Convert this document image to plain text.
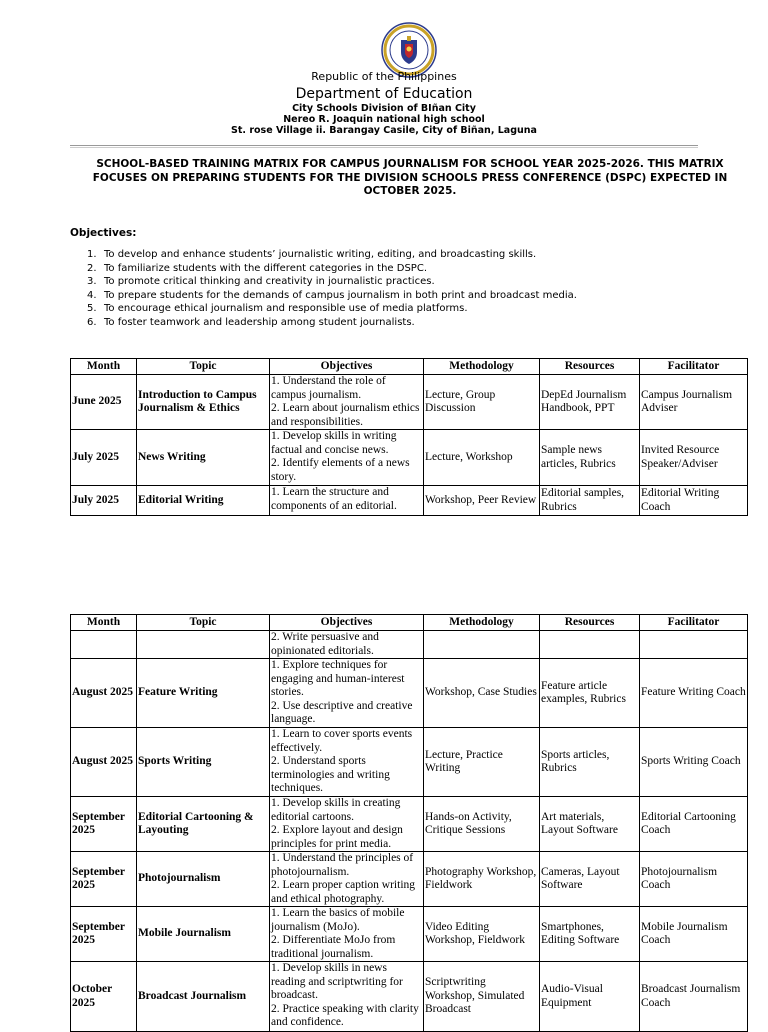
Republic of the Philippines
Department of Education
City Schools Division of BIñan City
Nereo R. Joaquin national high school
St. rose Village ii. Barangay Casile, City of Biñan, Laguna
SCHOOL-BASED TRAINING MATRIX FOR CAMPUS JOURNALISM FOR SCHOOL YEAR 2025-2026. THIS MATRIX FOCUSES ON PREPARING STUDENTS FOR THE DIVISION SCHOOLS PRESS CONFERENCE (DSPC) EXPECTED IN OCTOBER 2025.
Objectives:
1. To develop and enhance students’ journalistic writing, editing, and broadcasting skills.
2. To familiarize students with the different categories in the DSPC.
3. To promote critical thinking and creativity in journalistic practices.
4. To prepare students for the demands of campus journalism in both print and broadcast media.
5. To encourage ethical journalism and responsible use of media platforms.
6. To foster teamwork and leadership among student journalists.
Month	Topic	Objectives	Methodology	Resources	Facilitator
June 2025	Introduction to Campus Journalism & Ethics	1. Understand the role of campus journalism.
2. Learn about journalism ethics and responsibilities.	Lecture, Group Discussion	DepEd Journalism Handbook, PPT	Campus Journalism Adviser
July 2025	News Writing	1. Develop skills in writing factual and concise news.
2. Identify elements of a news story.	Lecture, Workshop	Sample news articles, Rubrics	Invited Resource Speaker/Adviser
July 2025	Editorial Writing	1. Learn the structure and components of an editorial.	Workshop, Peer Review	Editorial samples, Rubrics	Editorial Writing Coach
Month	Topic	Objectives	Methodology	Resources	Facilitator

		2. Write persuasive and opinionated editorials.			

August 2025	Feature Writing	1. Explore techniques for engaging and human-interest stories.
2. Use descriptive and creative language.	Workshop, Case Studies	Feature article examples, Rubrics	Feature Writing Coach
August 2025	Sports Writing	1. Learn to cover sports events effectively.
2. Understand sports terminologies and writing techniques.	Lecture, Practice Writing	Sports articles, Rubrics	Sports Writing Coach
September 2025	Editorial Cartooning & Layouting	1. Develop skills in creating editorial cartoons.
2. Explore layout and design principles for print media.	Hands-on Activity, Critique Sessions	Art materials, Layout Software	Editorial Cartooning Coach
September 2025	Photojournalism	1. Understand the principles of photojournalism.
2. Learn proper caption writing and ethical photography.	Photography Workshop, Fieldwork	Cameras, Layout Software	Photojournalism Coach
September 2025	Mobile Journalism	1. Learn the basics of mobile journalism (MoJo).
2. Differentiate MoJo from traditional journalism.	Video Editing Workshop, Fieldwork	Smartphones, Editing Software	Mobile Journalism Coach
October 2025	Broadcast Journalism	1. Develop skills in news reading and scriptwriting for broadcast.
2. Practice speaking with clarity and confidence.	Scriptwriting Workshop, Simulated Broadcast	Audio-Visual Equipment	Broadcast Journalism Coach
